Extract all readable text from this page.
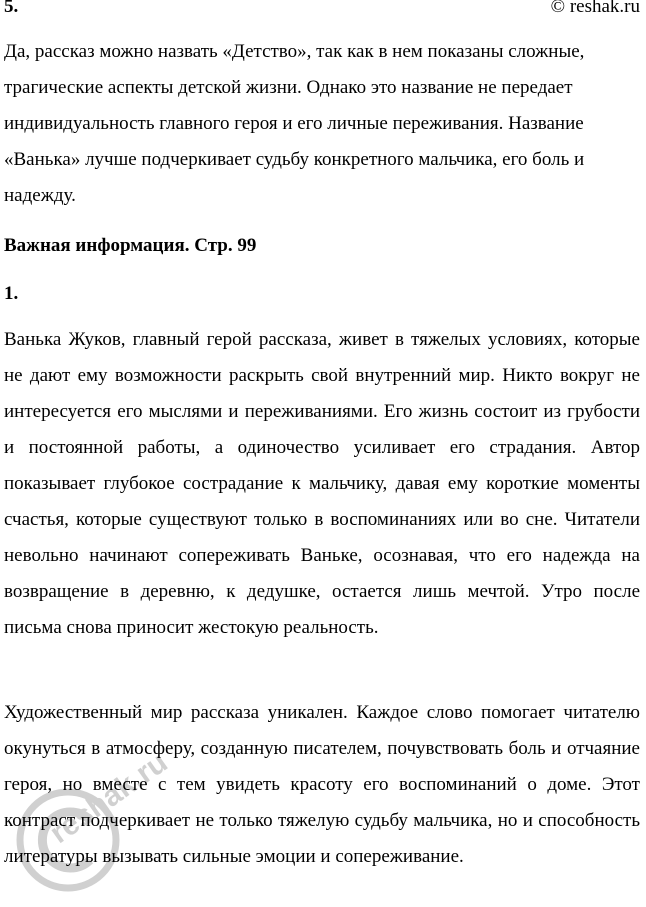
5.	© reshak.ru

Да, рассказ можно назвать «Детство», так как в нем показаны сложные, трагические аспекты детской жизни. Однако это название не передает индивидуальность главного героя и его личные переживания. Название «Ванька» лучше подчеркивает судьбу конкретного мальчика, его боль и надежду.

Важная информация. Стр. 99

1.

Ванька Жуков, главный герой рассказа, живет в тяжелых условиях, которые не дают ему возможности раскрыть свой внутренний мир. Никто вокруг не интересуется его мыслями и переживаниями. Его жизнь состоит из грубости и постоянной работы, а одиночество усиливает его страдания. Автор показывает глубокое сострадание к мальчику, давая ему короткие моменты счастья, которые существуют только в воспоминаниях или во сне. Читатели невольно начинают сопереживать Ваньке, осознавая, что его надежда на возвращение в деревню, к дедушке, остается лишь мечтой. Утро после письма снова приносит жестокую реальность.

Художественный мир рассказа уникален. Каждое слово помогает читателю окунуться в атмосферу, созданную писателем, почувствовать боль и отчаяние героя, но вместе с тем увидеть красоту его воспоминаний о доме. Этот контраст подчеркивает не только тяжелую судьбу мальчика, но и способность литературы вызывать сильные эмоции и сопереживание.

reshak.ru
